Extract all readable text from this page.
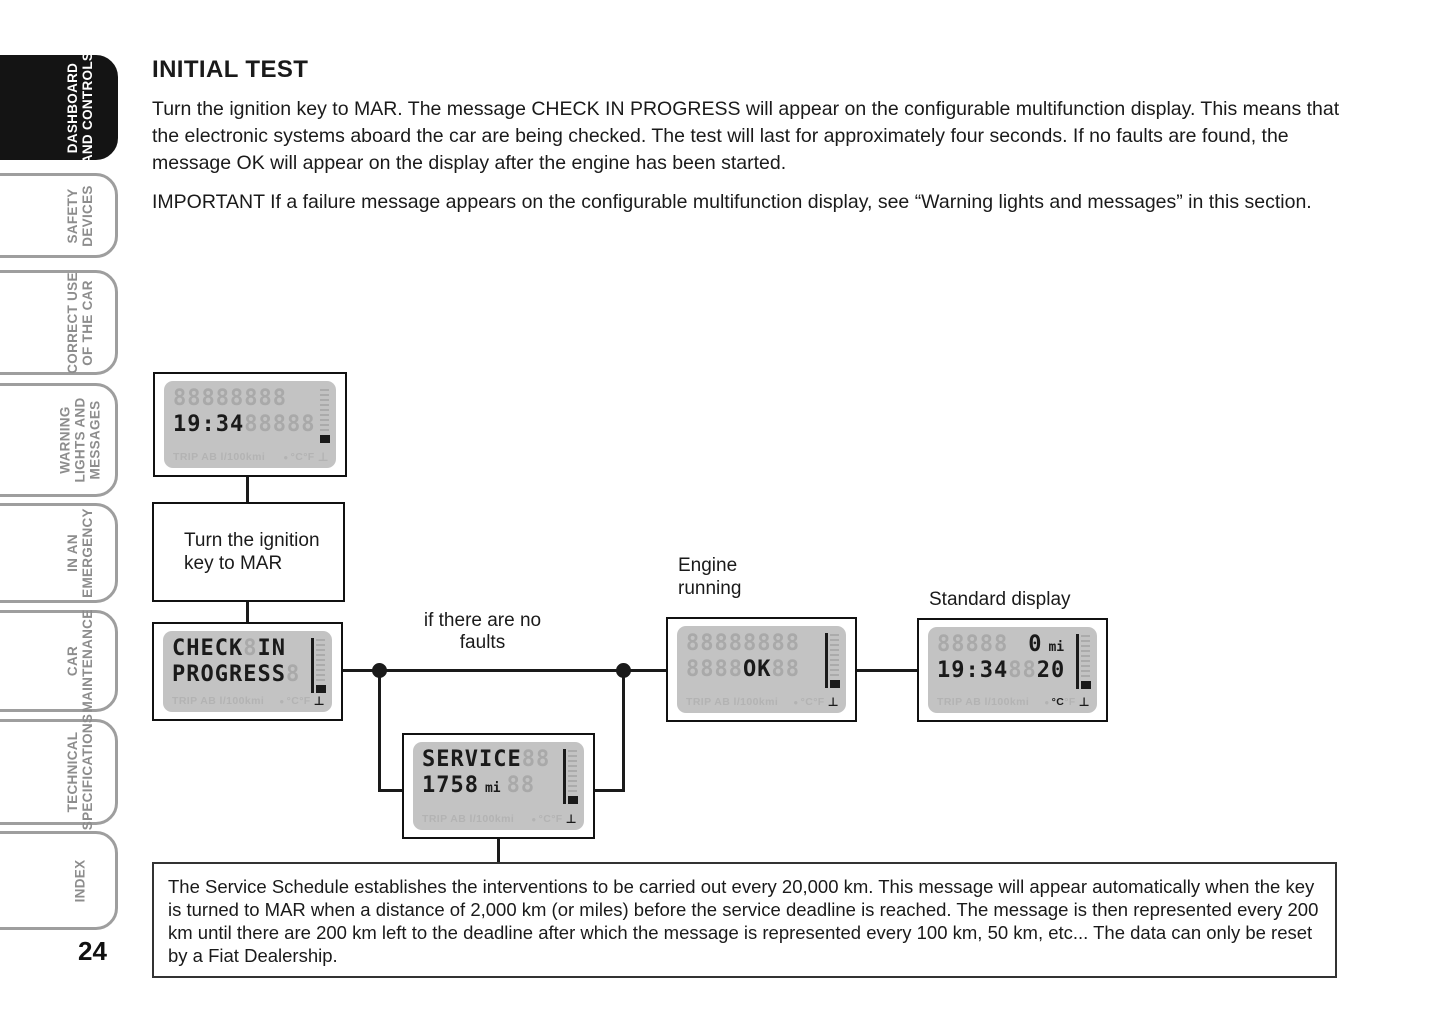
DASHBOARD AND CONTROLS
SAFETY DEVICES
CORRECT USE OF THE CAR
WARNING LIGHTS AND MESSAGES
IN AN EMERGENCY
CAR MAINTENANCE
TECHNICAL SPECIFICATIONS
INDEX
24
INITIAL TEST

Turn the ignition key to MAR. The message CHECK IN PROGRESS will appear on the configurable multifunction display. This means that the electronic systems aboard the car are being checked. The test will last for approximately four seconds. If no faults are found, the message OK will appear on the display after the engine has been started.

IMPORTANT If a failure message appears on the configurable multifunction display, see “Warning lights and messages” in this section.

if there are no faults
Engine running
Standard display
Turn the ignition key to MAR
88888888
19:34 88888
TRIP AB l/100kmi ● °C°F ⊥
CHECK 8 IN
PROGRESS 8
TRIP AB l/100kmi ● °C°F ⊥
SERVICE 88
1758 mi 88
TRIP AB l/100kmi ● °C°F ⊥
88888888
8888 OK 88
TRIP AB l/100kmi ● °C°F ⊥
88888 0 mi
19:34 88 20
TRIP AB l/100kmi ● °C °F ⊥

The Service Schedule establishes the interventions to be carried out every 20,000 km. This message will appear automatically when the key is turned to MAR when a distance of 2,000 km (or miles) before the service deadline is reached. The message is then represented every 200 km until there are 200 km left to the deadline after which the message is represented every 100 km, 50 km, etc... The data can only be reset by a Fiat Dealership.
